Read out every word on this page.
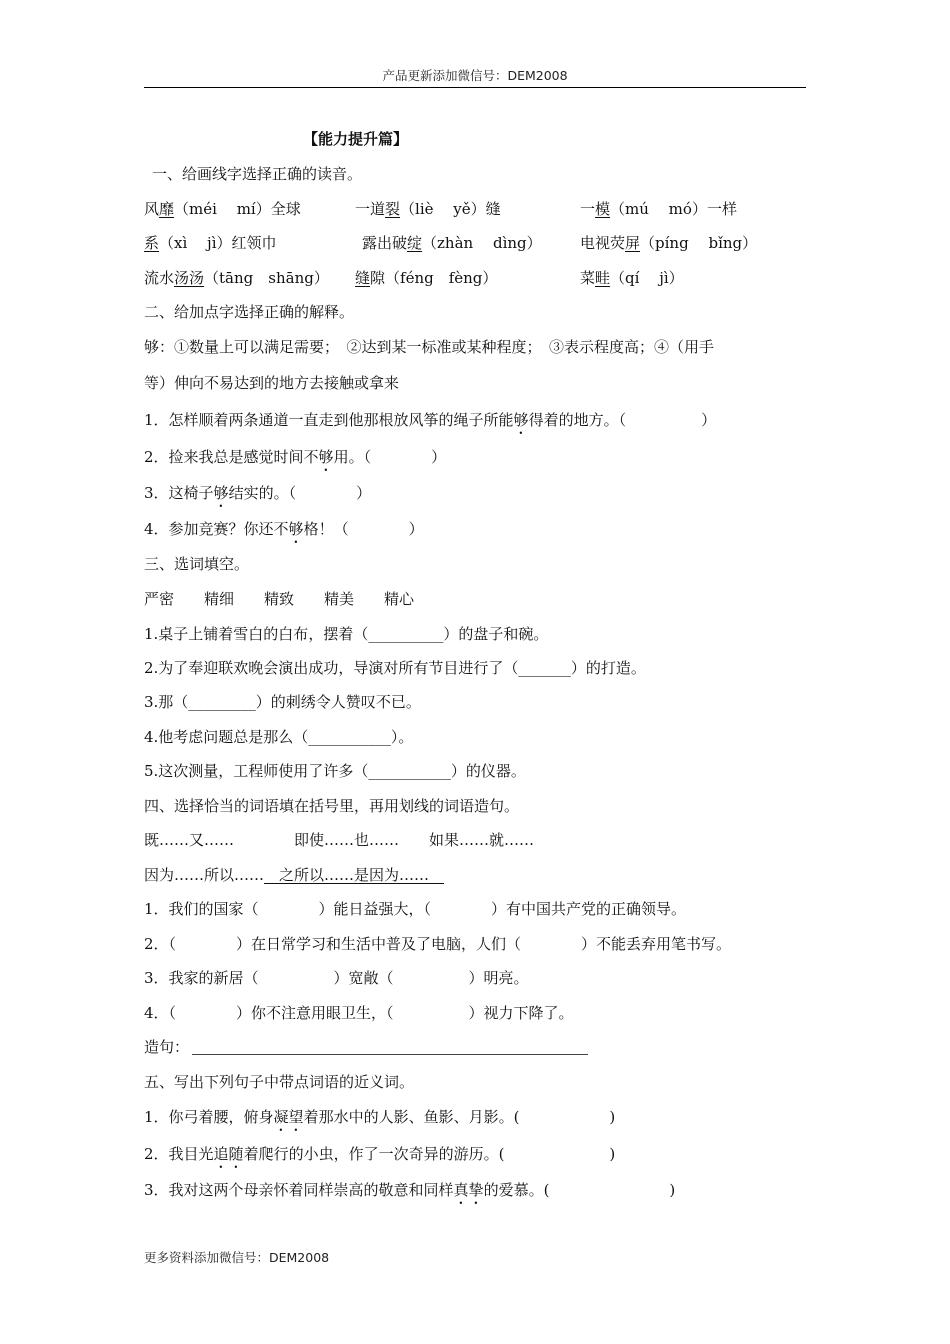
产品更新添加微信号：DEM2008
【能力提升篇】
一、给画线字选择正确的读音。
风靡（méi　 mí）全球	一道裂（liè　 yě）缝	一模（mú　 mó）一样
系（xì　 jì）红领巾	露出破绽（zhàn　 dìng）	电视荧屏（píng　 bǐng）
流水汤汤（tāng　shāng） 缝隙（féng　fèng）	菜畦（qí　 jì）
二、给加点字选择正确的解释。
够：①数量上可以满足需要；　②达到某一标准或某种程度；　③表示程度高；④（用手
等）伸向不易达到的地方去接触或拿来
1．怎样顺着两条通道一直走到他那根放风筝的绳子所能够得着的地方。（　　　　　）
2．捡来我总是感觉时间不够用。（　　　　）
3．这椅子够结实的。（　　　　）
4．参加竞赛？你还不够格！（　　　　）
三、选词填空。
严密　　精细　　精致　　精美　　精心
1.桌子上铺着雪白的白布，摆着（__________）的盘子和碗。
2.为了奉迎联欢晚会演出成功，导演对所有节目进行了（_______）的打造。
3.那（_________）的刺绣令人赞叹不已。
4.他考虑问题总是那么（___________）。
5.这次测量，工程师使用了许多（___________）的仪器。
四、选择恰当的词语填在括号里，再用划线的词语造句。
既……又……　　　　即使……也……　　如果……就……
因为……所以……　之所以……是因为……　
1．我们的国家（　　　　）能日益强大，（　　　　）有中国共产党的正确领导。
2．（　　　　）在日常学习和生活中普及了电脑，人们（　　　　）不能丢弃用笔书写。
3．我家的新居（　　　　　）宽敞（　　　　　）明亮。
4．（　　　　）你不注意用眼卫生，（　　　　　）视力下降了。
造句：
五、写出下列句子中带点词语的近义词。
1．你弓着腰，俯身凝望着那水中的人影、鱼影、月影。(　　　　　　)
2．我目光追随着爬行的小虫，作了一次奇异的游历。(　　　　　　　)
3．我对这两个母亲怀着同样崇高的敬意和同样真挚的爱慕。(　　　　　　　　)
更多资料添加微信号：DEM2008
